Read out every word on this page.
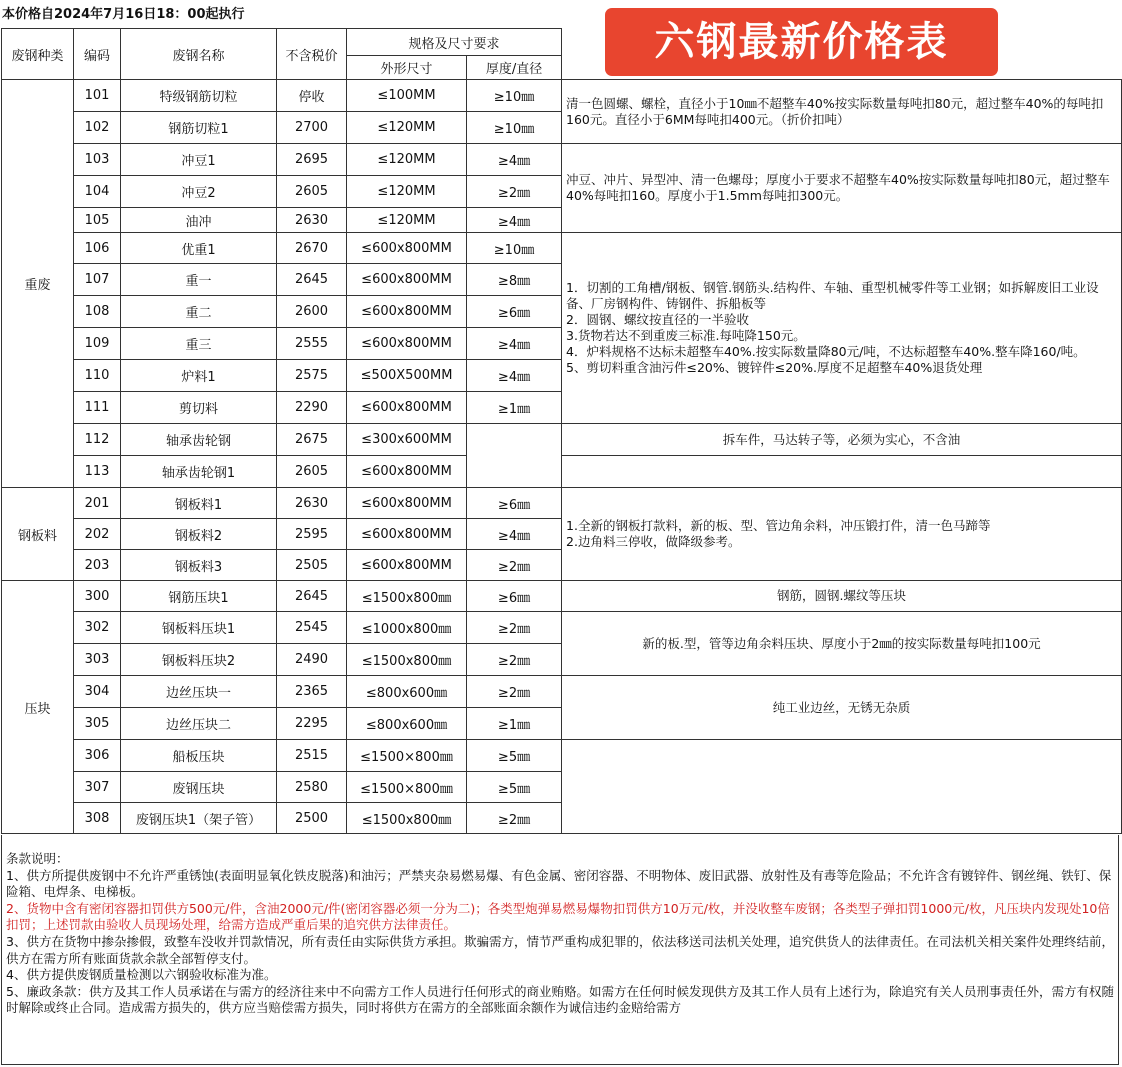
本价格自2024年7月16日18：00起执行
六钢最新价格表
废钢种类	编码	废钢名称	不含税价	规格及尺寸要求		
				外形尺寸	厚度/直径	
重废	101	特级钢筋切粒	停收	≤100MM	≥10㎜	清一色圆螺、螺栓，直径小于10㎜不超整车40%按实际数量每吨扣80元，超过整车40%的每吨扣160元。直径小于6MM每吨扣400元。（折价扣吨）
	102	钢筋切粒1	2700	≤120MM	≥10㎜	
	103	冲豆1	2695	≤120MM	≥4㎜	冲豆、冲片、异型冲、清一色螺母；厚度小于要求不超整车40%按实际数量每吨扣80元，超过整车40%每吨扣160。厚度小于1.5mm每吨扣300元。
	104	冲豆2	2605	≤120MM	≥2㎜	
	105	油冲	2630	≤120MM	≥4㎜	
	106	优重1	2670	≤600x800MM	≥10㎜	1．切割的工角槽/钢板、钢管.钢筋头.结构件、车轴、重型机械零件等工业钢；如拆解废旧工业设备、厂房钢构件、铸钢件、拆船板等
2．圆钢、螺纹按直径的一半验收
3.货物若达不到重废三标准.每吨降150元。
4．炉料规格不达标未超整车40%.按实际数量降80元/吨，不达标超整车40%.整车降160/吨。
5、剪切料重含油污件≤20%、镀锌件≤20%.厚度不足超整车40%退货处理

	107	重一	2645	≤600x800MM	≥8㎜	
	108	重二	2600	≤600x800MM	≥6㎜	
	109	重三	2555	≤600x800MM	≥4㎜	
	110	炉料1	2575	≤500X500MM	≥4㎜	
	111	剪切料	2290	≤600x800MM	≥1㎜	
	112	轴承齿轮钢	2675	≤300x600MM		拆车件，马达转子等，必须为实心，不含油
	113	轴承齿轮钢1	2605	≤600x800MM		
钢板料	201	钢板料1	2630	≤600x800MM	≥6㎜	1.全新的钢板打款料，新的板、型、管边角余料，冲压锻打件，清一色马蹄等
2.边角料三停收，做降级参考。

	202	钢板料2	2595	≤600x800MM	≥4㎜	
	203	钢板料3	2505	≤600x800MM	≥2㎜	
压块	300	钢筋压块1	2645	≤1500x800㎜	≥6㎜	钢筋，圆钢.螺纹等压块
	302	钢板料压块1	2545	≤1000x800㎜	≥2㎜	新的板.型，管等边角余料压块、厚度小于2㎜的按实际数量每吨扣100元
	303	钢板料压块2	2490	≤1500x800㎜	≥2㎜	
	304	边丝压块一	2365	≤800x600㎜	≥2㎜	纯工业边丝，无锈无杂质
	305	边丝压块二	2295	≤800x600㎜	≥1㎜	
	306	船板压块	2515	≤1500×800㎜	≥5㎜	
	307	废钢压块	2580	≤1500×800㎜	≥5㎜	
	308	废钢压块1（架子管）	2500	≤1500x800㎜	≥2㎜	

条款说明：

1、供方所提供废钢中不允许严重锈蚀(表面明显氧化铁皮脱落)和油污；严禁夹杂易燃易爆、有色金属、密闭容器、不明物体、废旧武器、放射性及有毒等危险品；不允许含有镀锌件、钢丝绳、铁钉、保险箱、电焊条、电梯板。

2、货物中含有密闭容器扣罚供方500元/件，含油2000元/件(密闭容器必须一分为二)；各类型炮弹易燃易爆物扣罚供方10万元/枚，并没收整车废钢；各类型子弹扣罚1000元/枚，凡压块内发现处10倍扣罚；上述罚款由验收人员现场处理，给需方造成严重后果的追究供方法律责任。

3、供方在货物中掺杂掺假，致整车没收并罚款情况，所有责任由实际供货方承担。欺骗需方，情节严重构成犯罪的，依法移送司法机关处理，追究供货人的法律责任。在司法机关相关案件处理终结前，供方在需方所有账面货款余款全部暂停支付。

4、供方提供废钢质量检测以六钢验收标准为准。

5、廉政条款：供方及其工作人员承诺在与需方的经济往来中不向需方工作人员进行任何形式的商业贿赂。如需方在任何时候发现供方及其工作人员有上述行为，除追究有关人员刑事责任外，需方有权随时解除或终止合同。造成需方损失的，供方应当赔偿需方损失，同时将供方在需方的全部账面余额作为诚信违约金赔给需方
